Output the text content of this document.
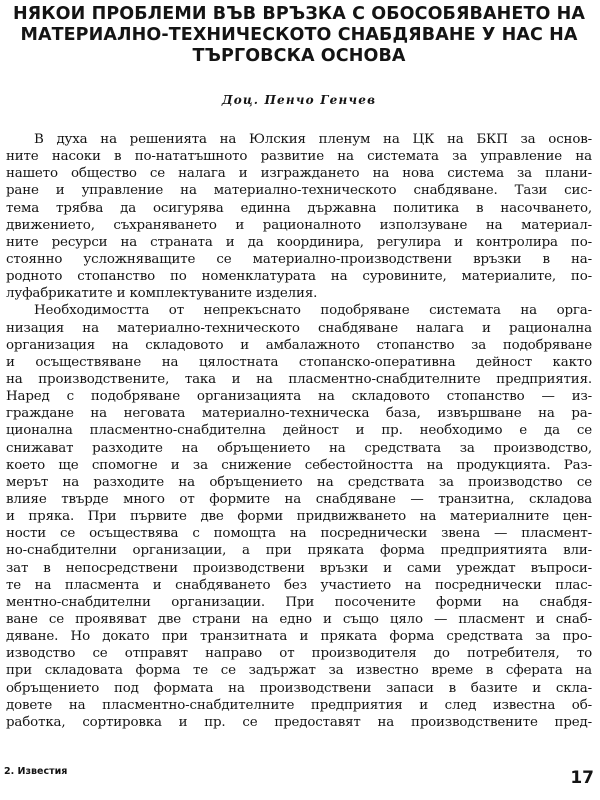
НЯКОИ ПРОБЛЕМИ ВЪВ ВРЪЗКА С ОБОСОБЯВАНЕТО НА
МАТЕРИАЛНО-ТЕХНИЧЕСКОТО СНАБДЯВАНЕ У НАС НА
ТЪРГОВСКА ОСНОВА
Доц. Пенчо Генчев
В духа на решенията на Юлския пленум на ЦК на БКП за основ-
ните насоки в по-нататъшното развитие на системата за управление на
нашето общество се налага и изграждането на нова система за плани-
ране и управление на материално-техническото снабдяване. Тази сис-
тема трябва да осигурява единна държавна политика в насочването,
движението, съхраняването и рационалното използуване на материал-
ните ресурси на страната и да координира, регулира и контролира по-
стоянно усложняващите се материално-производствени връзки в на-
родното стопанство по номенклатурата на суровините, материалите, по-
луфабрикатите и комплектуваните изделия.
Необходимостта от непрекъснато подобряване системата на орга-
низация на материално-техническото снабдяване налага и рационална
организация на складовото и амбалажното стопанство за подобряване
и осъществяване на цялостната стопанско-оперативна дейност както
на производствените, така и на пласментно-снабдителните предприятия.
Наред с подобряване организацията на складовото стопанство — из-
граждане на неговата материално-техническа база, извършване на ра-
ционална пласментно-снабдителна дейност и пр. необходимо е да се
снижават разходите на обръщението на средствата за производство,
което ще спомогне и за снижение себестойността на продукцията. Раз-
мерът на разходите на обръщението на средствата за производство се
влияе твърде много от формите на снабдяване — транзитна, складова
и пряка. При първите две форми придвижването на материалните цен-
ности се осъществява с помощта на посреднически звена — пласмент-
но-снабдителни организации, а при пряката форма предприятията вли-
зат в непосредствени производствени връзки и сами уреждат въпроси-
те на пласмента и снабдяването без участието на посреднически плас-
ментно-снабдителни организации. При посочените форми на снабдя-
ване се проявяват две страни на едно и също цяло — пласмент и снаб-
дяване. Но докато при транзитната и пряката форма средствата за про-
изводство се отправят направо от производителя до потребителя, то
при складовата форма те се задържат за известно време в сферата на
обръщението под формата на производствени запаси в базите и скла-
довете на пласментно-снабдителните предприятия и след известна об-
работка, сортировка и пр. се предоставят на производствените пред-
2. Известия	17
